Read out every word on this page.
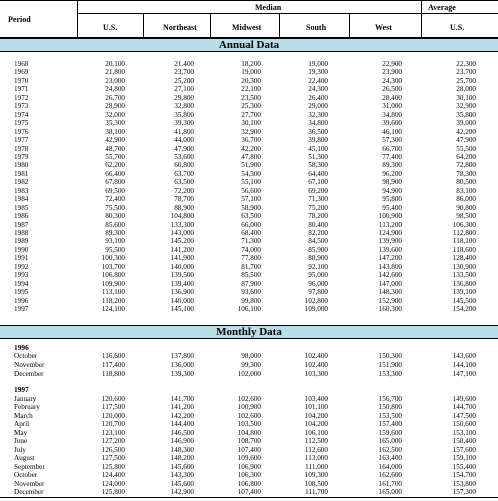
Period
Median	Average
U.S.	Northeast	Midwest	South	West	U.S.
Annual Data
1968	20,100	21,400	18,200	19,000	22,900	22,300
1969	21,800	23,700	19,000	19,300	23,900	23,700
1970	23,000	25,200	20,300	22,400	24,300	25,700
1971	24,800	27,100	22,100	24,300	26,500	28,000
1972	26,700	29,800	23,500	26,400	28,400	30,100
1973	28,900	32,800	25,300	29,000	31,000	32,900
1974	32,000	35,800	27,700	32,300	34,800	35,800
1975	35,300	39,300	30,100	34,800	39,600	39,000
1976	38,100	41,800	32,900	36,500	46,100	42,200
1977	42,900	44,000	36,700	39,800	57,300	47,900
1978	48,700	47,900	42,200	45,100	66,700	55,500
1979	55,700	53,600	47,800	51,300	77,400	64,200
1980	62,200	60,800	51,900	58,300	89,300	72,800
1981	66,400	63,700	54,300	64,400	96,200	78,300
1982	67,800	63,500	55,100	67,100	98,900	80,500
1983	69,500	72,200	56,600	69,200	94,900	83,100
1984	72,400	78,700	57,100	71,300	95,800	86,000
1985	75,500	88,900	58,900	75,200	95,400	90,800
1986	80,300	104,800	63,500	78,200	100,900	98,500
1987	85,600	133,300	66,000	80,400	113,200	106,300
1988	89,300	143,000	68,400	82,200	124,900	112,800
1989	93,100	145,200	71,300	84,500	139,900	118,100
1990	95,500	141,200	74,000	85,900	139,600	118,600
1991	100,300	141,900	77,800	88,900	147,200	128,400
1992	103,700	140,000	81,700	92,100	143,800	130,900
1993	106,800	139,500	85,500	95,000	142,600	133,500
1994	109,900	139,400	87,900	96,000	147,000	136,800
1995	113,100	136,900	93,600	97,800	148,300	139,100
1996	118,200	140,000	99,800	102,800	152,900	145,500
1997	124,100	145,100	106,100	109,000	160,300	154,200
Monthly Data
1996
October	116,600	137,800	98,000	102,400	150,300	143,600
November	117,400	136,000	99,300	102,400	151,900	144,100
December	118,800	139,300	102,000	103,300	153,300	147,100
1997
January	120,600	141,700	102,600	103,400	156,700	149,600
February	117,500	141,200	100,900	101,100	150,800	144,700
March	120,000	142,200	102,600	104,200	153,500	147,500
April	120,700	144,400	103,500	104,200	157,400	150,600
May	123,100	146,500	104,800	106,100	159,600	153,100
June	127,200	146,900	108,700	112,500	165,000	158,400
July	126,500	148,300	107,400	112,600	162,500	157,600
August	127,500	148,200	109,600	113,000	163,400	159,100
September	125,800	145,600	106,900	111,000	164,000	155,400
October	124,400	143,300	106,300	109,300	162,600	154,700
November	124,000	145,600	106,800	108,500	161,700	153,800
December	125,800	142,900	107,400	111,700	165,000	157,300
